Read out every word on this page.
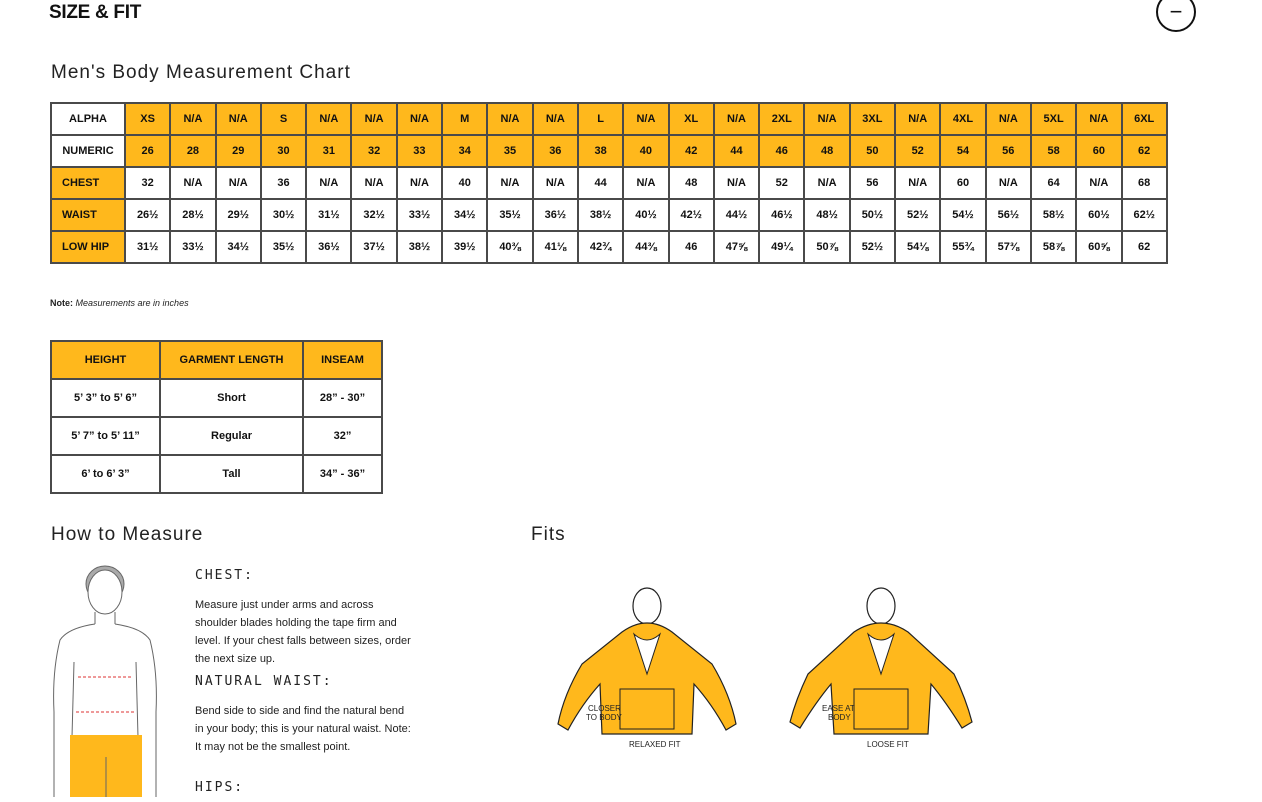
SIZE & FIT	−
Men's Body Measurement Chart
ALPHA	XS	N/A	N/A	S	N/A	N/A	N/A	M	N/A	N/A	L	N/A	XL	N/A	2XL	N/A	3XL	N/A	4XL	N/A	5XL	N/A	6XL
NUMERIC	26	28	29	30	31	32	33	34	35	36	38	40	42	44	46	48	50	52	54	56	58	60	62
CHEST	32	N/A	N/A	36	N/A	N/A	N/A	40	N/A	N/A	44	N/A	48	N/A	52	N/A	56	N/A	60	N/A	64	N/A	68
WAIST	26½	28½	29½	30½	31½	32½	33½	34½	35½	36½	38½	40½	42½	44½	46½	48½	50½	52½	54½	56½	58½	60½	62½
LOW HIP	31½	33½	34½	35½	36½	37½	38½	39½	40⅜	41⅛	42¾	44⅜	46	47⅝	49¼	50⅞	52½	54⅛	55¾	57⅜	58⅞	60⅝	62
Note: Measurements are in inches
HEIGHT	GARMENT LENGTH	INSEAM
5’ 3” to 5’ 6”	Short	28” - 30”
5’ 7” to 5’ 11”	Regular	32”
6’ to 6’ 3”	Tall	34” - 36”
How to Measure	Fits
CHEST:
Measure just under arms and across shoulder blades holding the tape firm and level. If your chest falls between sizes, order the next size up.
NATURAL WAIST:
Bend side to side and find the natural bend in your body; this is your natural waist. Note: It may not be the smallest point.
HIPS:
CLOSER
TO BODY
RELAXED FIT
EASE AT
BODY
LOOSE FIT
